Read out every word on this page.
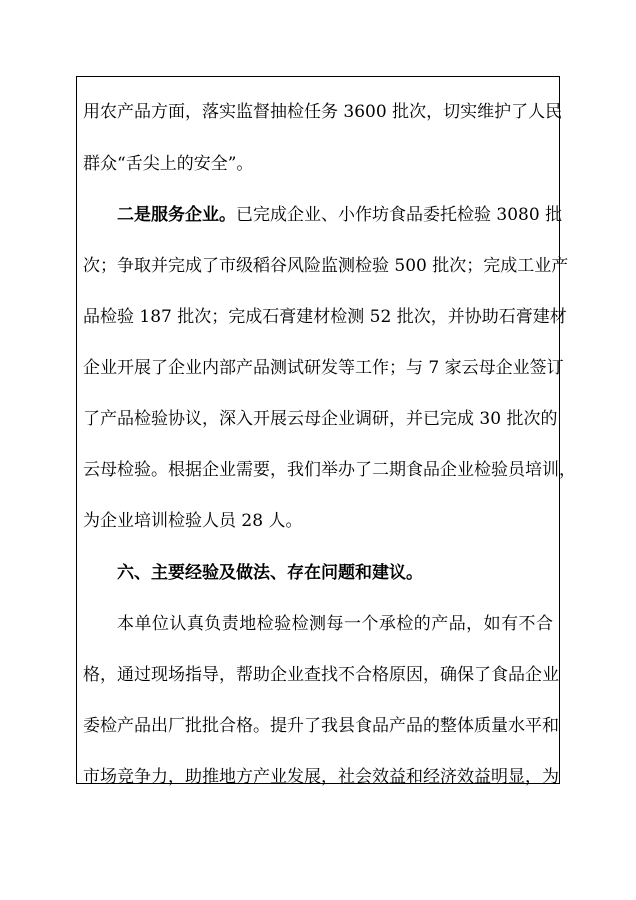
用农产品方面，落实监督抽检任务 3600 批次，切实维护了人民
群众“舌尖上的安全”。
二是服务企业。已完成企业、小作坊食品委托检验 3080 批
次；争取并完成了市级稻谷风险监测检验 500 批次；完成工业产
品检验 187 批次；完成石膏建材检测 52 批次，并协助石膏建材
企业开展了企业内部产品测试研发等工作；与 7 家云母企业签订
了产品检验协议，深入开展云母企业调研，并已完成 30 批次的
云母检验。根据企业需要，我们举办了二期食品企业检验员培训，
为企业培训检验人员 28 人。
六、主要经验及做法、存在问题和建议。
本单位认真负责地检验检测每一个承检的产品，如有不合
格，通过现场指导，帮助企业查找不合格原因，确保了食品企业
委检产品出厂批批合格。提升了我县食品产品的整体质量水平和
市场竞争力，助推地方产业发展，社会效益和经济效益明显，为
